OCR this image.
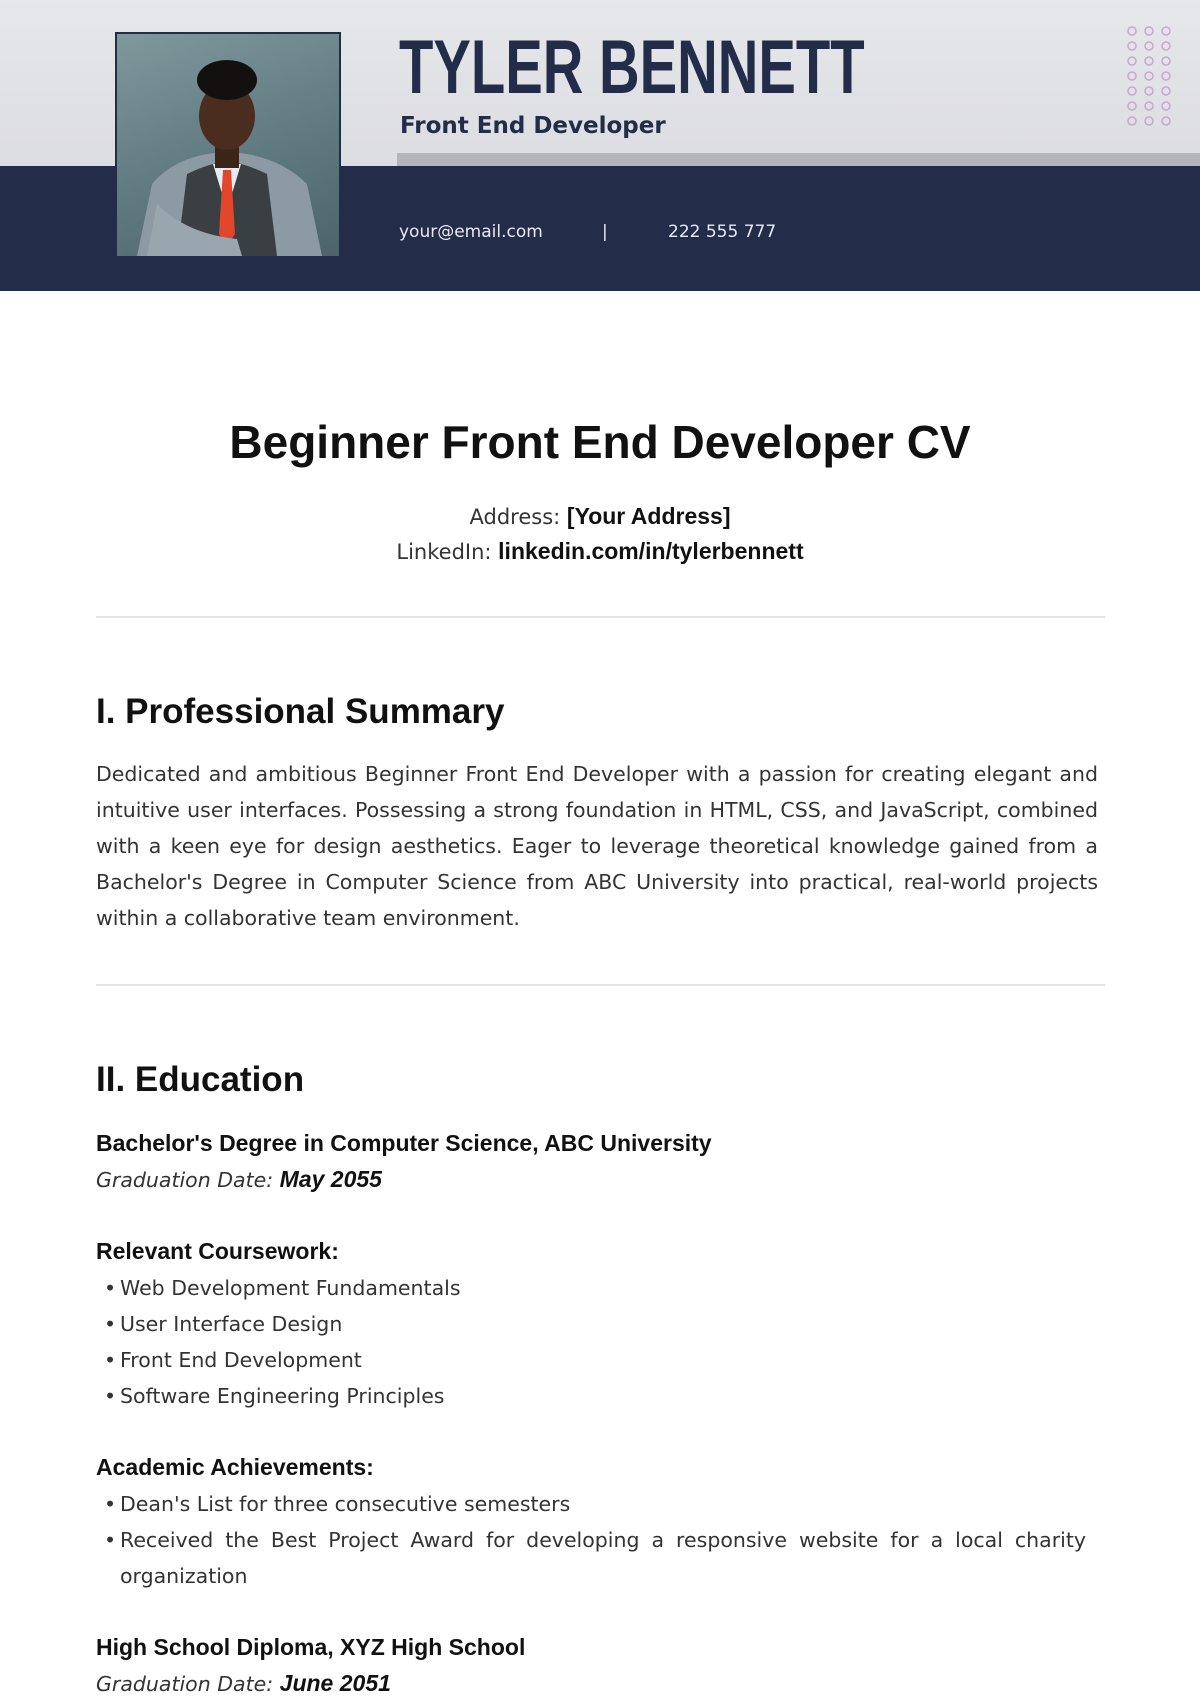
TYLER BENNETT

Front End Developer

your@email.com	|	222 555 777
Beginner Front End Developer CV
Address: [Your Address]
LinkedIn: linkedin.com/in/tylerbennett
I. Professional Summary

Dedicated and ambitious Beginner Front End Developer with a passion for creating elegant and intuitive user interfaces. Possessing a strong foundation in HTML, CSS, and JavaScript, combined with a keen eye for design aesthetics. Eager to leverage theoretical knowledge gained from a Bachelor's Degree in Computer Science from ABC University into practical, real-world projects within a collaborative team environment.

II. Education

Bachelor's Degree in Computer Science, ABC University

Graduation Date: May 2055

Relevant Coursework:

• Web Development Fundamentals
• User Interface Design
• Front End Development
• Software Engineering Principles

Academic Achievements:

• Dean's List for three consecutive semesters
• Received the Best Project Award for developing a responsive website for a local charity organization

High School Diploma, XYZ High School

Graduation Date: June 2051
